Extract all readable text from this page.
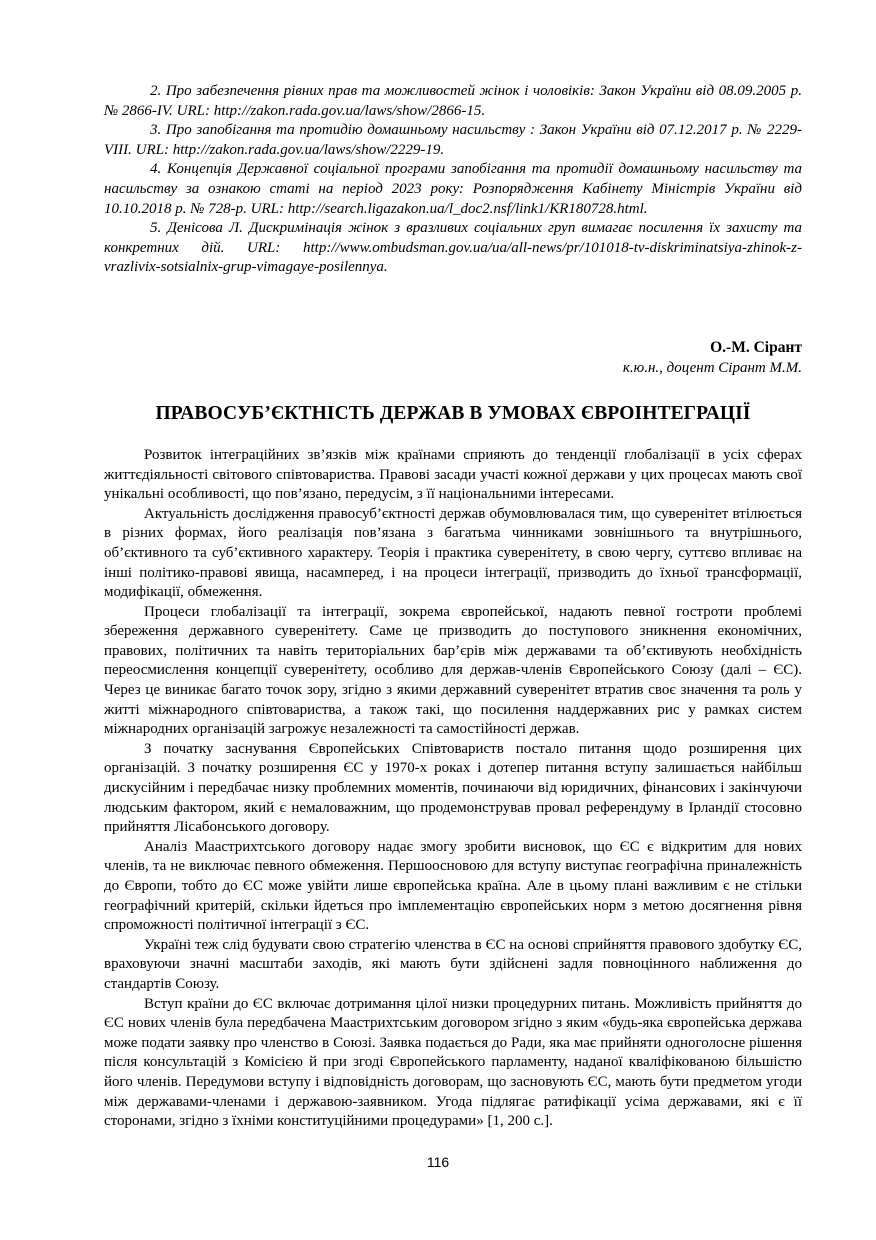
2. Про забезпечення рівних прав та можливостей жінок і чоловіків: Закон України від 08.09.2005 р. № 2866-IV. URL: http://zakon.rada.gov.ua/laws/show/2866-15.

3. Про запобігання та протидію домашньому насильству : Закон України від 07.12.2017 р. № 2229-VIII. URL: http://zakon.rada.gov.ua/laws/show/2229-19.

4. Концепція Державної соціальної програми запобігання та протидії домашньому насильству та насильству за ознакою статі на період 2023 року: Розпорядження Кабінету Міністрів України від 10.10.2018 р. № 728-р. URL: http://search.ligazakon.ua/l_doc2.nsf/link1/KR180728.html.

5. Денісова Л. Дискримінація жінок з вразливих соціальних груп вимагає посилення їх захисту та конкретних дій. URL: http://www.ombudsman.gov.ua/ua/all-news/pr/101018-tv-diskriminatsiya-zhinok-z-vrazlivix-sotsialnix-grup-vimagaye-posilennya.

О.-М. Сірант
к.ю.н., доцент Сірант М.М.
ПРАВОСУБ’ЄКТНІСТЬ ДЕРЖАВ В УМОВАХ ЄВРОІНТЕГРАЦІЇ

Розвиток інтеграційних зв’язків між країнами сприяють до тенденції глобалізації в усіх сферах життєдіяльності світового співтовариства. Правові засади участі кожної держави у цих процесах мають свої унікальні особливості, що пов’язано, передусім, з її національними інтересами.

Актуальність дослідження правосуб’єктності держав обумовлювалася тим, що суверенітет втілюється в різних формах, його реалізація пов’язана з багатьма чинниками зовнішнього та внутрішнього, об’єктивного та суб’єктивного характеру. Теорія і практика суверенітету, в свою чергу, суттєво впливає на інші політико-правові явища, насамперед, і на процеси інтеграції, призводить до їхньої трансформації, модифікації, обмеження.

Процеси глобалізації та інтеграції, зокрема європейської, надають певної гостроти проблемі збереження державного суверенітету. Саме це призводить до поступового зникнення економічних, правових, політичних та навіть територіальних бар’єрів між державами та об’єктивують необхідність переосмислення концепції суверенітету, особливо для держав-членів Європейського Союзу (далі – ЄС). Через це виникає багато точок зору, згідно з якими державний суверенітет втратив своє значення та роль у житті міжнародного співтовариства, а також такі, що посилення наддержавних рис у рамках систем міжнародних організацій загрожує незалежності та самостійності держав.

З початку заснування Європейських Співтовариств постало питання щодо розширення цих організацій. З початку розширення ЄС у 1970-х роках і дотепер питання вступу залишається найбільш дискусійним і передбачає низку проблемних моментів, починаючи від юридичних, фінансових і закінчуючи людським фактором, який є немаловажним, що продемонстрував провал референдуму в Ірландії стосовно прийняття Лісабонського договору.

Аналіз Маастрихтського договору надає змогу зробити висновок, що ЄС є відкритим для нових членів, та не виключає певного обмеження. Першоосновою для вступу виступає географічна приналежність до Європи, тобто до ЄС може увійти лише європейська країна. Але в цьому плані важливим є не стільки географічний критерій, скільки йдеться про імплементацію європейських норм з метою досягнення рівня спроможності політичної інтеграції з ЄС.

Україні теж слід будувати свою стратегію членства в ЄС на основі сприйняття правового здобутку ЄС, враховуючи значні масштаби заходів, які мають бути здійснені задля повноцінного наближення до стандартів Союзу.

Вступ країни до ЄС включає дотримання цілої низки процедурних питань. Можливість прийняття до ЄС нових членів була передбачена Маастрихтським договором згідно з яким «будь-яка європейська держава може подати заявку про членство в Союзі. Заявка подається до Ради, яка має прийняти одноголосне рішення після консультацій з Комісією й при згоді Європейського парламенту, наданої кваліфікованою більшістю його членів. Передумови вступу і відповідність договорам, що засновують ЄС, мають бути предметом угоди між державами-членами і державою-заявником. Угода підлягає ратифікації усіма державами, які є її сторонами, згідно з їхніми конституційними процедурами» [1, 200 с.].

116
